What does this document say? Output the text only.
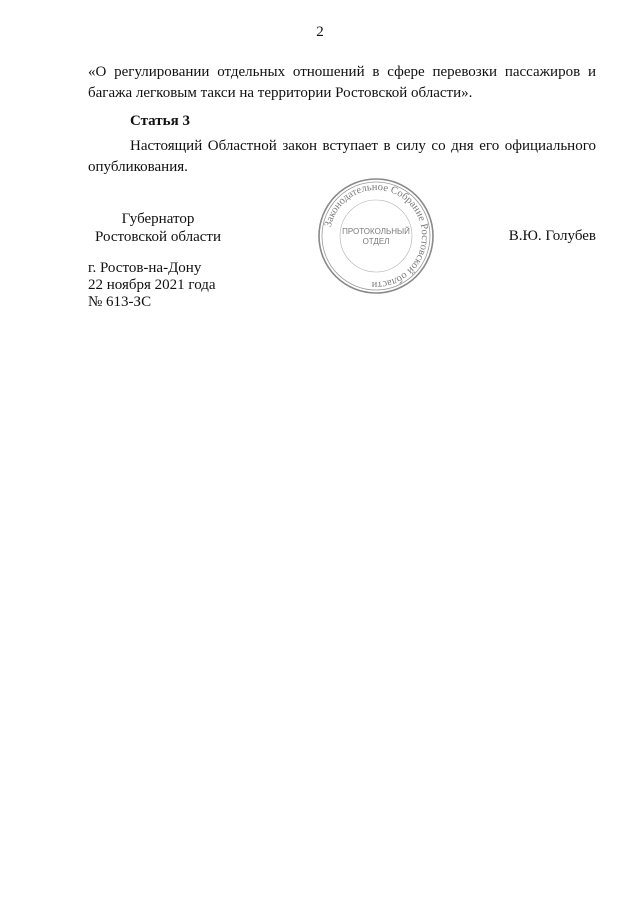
2
«О регулировании отдельных отношений в сфере перевозки пассажиров и багажа легковым такси на территории Ростовской области».
Статья 3
Настоящий Областной закон вступает в силу со дня его официального опубликования.
Губернатор
Ростовской области
Законодательное Собрание Ростовской области
ПРОТОКОЛЬНЫЙ
ОТДЕЛ	В.Ю. Голубев
г. Ростов-на-Дону
22 ноября 2021 года
№ 613-ЗС
